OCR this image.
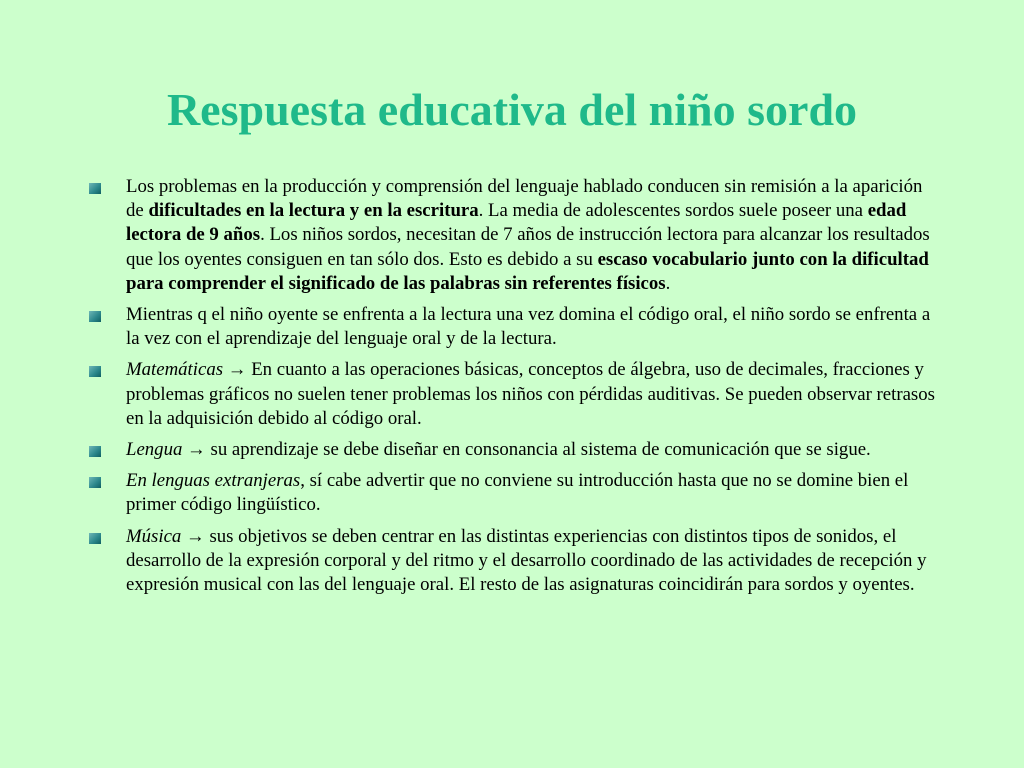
Respuesta educativa del niño sordo
Los problemas en la producción y comprensión del lenguaje hablado conducen sin remisión a la aparición de dificultades en la lectura y en la escritura. La media de adolescentes sordos suele poseer una edad lectora de 9 años. Los niños sordos, necesitan de 7 años de instrucción lectora para alcanzar los resultados que los oyentes consiguen en tan sólo dos. Esto es debido a su escaso vocabulario junto con la dificultad para comprender el significado de las palabras sin referentes físicos.
Mientras q el niño oyente se enfrenta a la lectura una vez domina el código oral, el niño sordo se enfrenta a la vez con el aprendizaje del lenguaje oral y de la lectura.
Matemáticas → En cuanto a las operaciones básicas, conceptos de álgebra, uso de decimales, fracciones y problemas gráficos no suelen tener problemas los niños con pérdidas auditivas. Se pueden observar retrasos en la adquisición debido al código oral.
Lengua → su aprendizaje se debe diseñar en consonancia al sistema de comunicación que se sigue.
En lenguas extranjeras, sí cabe advertir que no conviene su introducción hasta que no se domine bien el primer código lingüístico.
Música → sus objetivos se deben centrar en las distintas experiencias con distintos tipos de sonidos, el desarrollo de la expresión corporal y del ritmo y el desarrollo coordinado de las actividades de recepción y expresión musical con las del lenguaje oral. El resto de las asignaturas coincidirán para sordos y oyentes.
